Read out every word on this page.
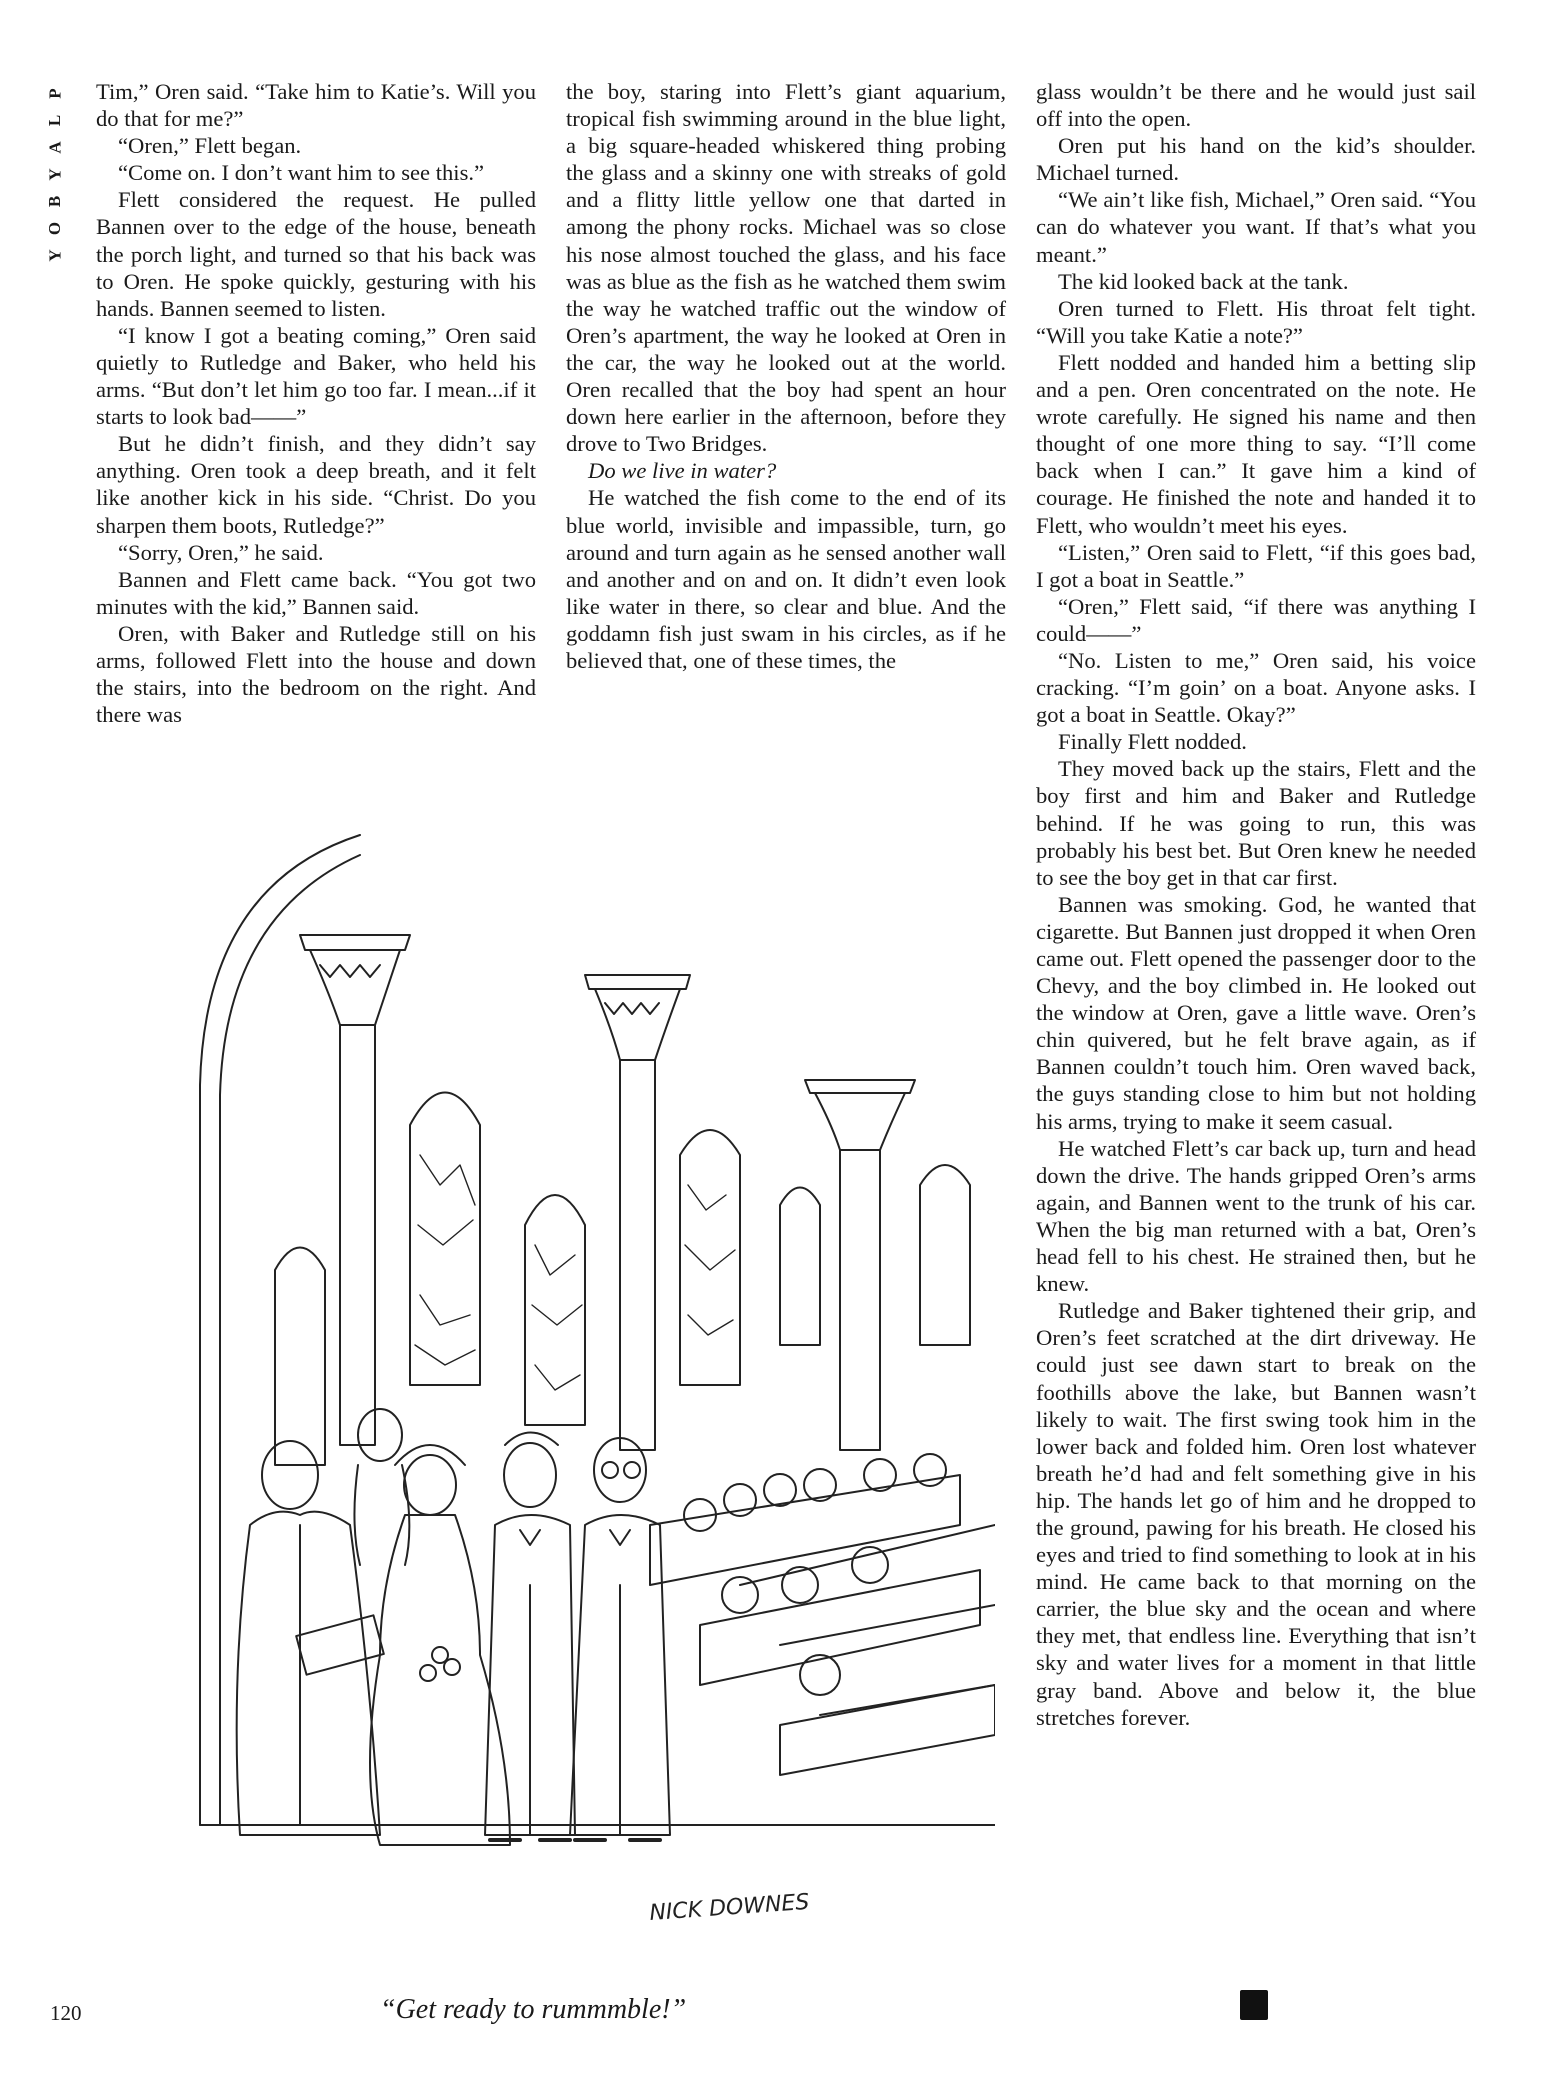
P
L
A
Y
B
O
Y

Tim,” Oren said. “Take him to Katie’s. Will you do that for me?”

“Oren,” Flett began.

“Come on. I don’t want him to see this.”

Flett considered the request. He pulled Bannen over to the edge of the house, beneath the porch light, and turned so that his back was to Oren. He spoke quickly, gesturing with his hands. Bannen seemed to listen.

“I know I got a beating coming,” Oren said quietly to Rutledge and Baker, who held his arms. “But don’t let him go too far. I mean...if it starts to look bad——”

But he didn’t finish, and they didn’t say anything. Oren took a deep breath, and it felt like another kick in his side. “Christ. Do you sharpen them boots, Rutledge?”

“Sorry, Oren,” he said.

Bannen and Flett came back. “You got two minutes with the kid,” Bannen said.

Oren, with Baker and Rutledge still on his arms, followed Flett into the house and down the stairs, into the bedroom on the right. And there was

the boy, staring into Flett’s giant aquarium, tropical fish swimming around in the blue light, a big square-headed whiskered thing probing the glass and a skinny one with streaks of gold and a flitty little yellow one that darted in among the phony rocks. Michael was so close his nose almost touched the glass, and his face was as blue as the fish as he watched them swim the way he watched traffic out the window of Oren’s apartment, the way he looked at Oren in the car, the way he looked out at the world. Oren recalled that the boy had spent an hour down here earlier in the afternoon, before they drove to Two Bridges.

Do we live in water?

He watched the fish come to the end of its blue world, invisible and impassible, turn, go around and turn again as he sensed another wall and another and on and on. It didn’t even look like water in there, so clear and blue. And the goddamn fish just swam in his circles, as if he believed that, one of these times, the

glass wouldn’t be there and he would just sail off into the open.

Oren put his hand on the kid’s shoulder. Michael turned.

“We ain’t like fish, Michael,” Oren said. “You can do whatever you want. If that’s what you meant.”

The kid looked back at the tank.

Oren turned to Flett. His throat felt tight. “Will you take Katie a note?”

Flett nodded and handed him a betting slip and a pen. Oren concentrated on the note. He wrote carefully. He signed his name and then thought of one more thing to say. “I’ll come back when I can.” It gave him a kind of courage. He finished the note and handed it to Flett, who wouldn’t meet his eyes.

“Listen,” Oren said to Flett, “if this goes bad, I got a boat in Seattle.”

“Oren,” Flett said, “if there was anything I could——”

“No. Listen to me,” Oren said, his voice cracking. “I’m goin’ on a boat. Anyone asks. I got a boat in Seattle. Okay?”

Finally Flett nodded.

They moved back up the stairs, Flett and the boy first and him and Baker and Rutledge behind. If he was going to run, this was probably his best bet. But Oren knew he needed to see the boy get in that car first.

Bannen was smoking. God, he wanted that cigarette. But Bannen just dropped it when Oren came out. Flett opened the passenger door to the Chevy, and the boy climbed in. He looked out the window at Oren, gave a little wave. Oren’s chin quivered, but he felt brave again, as if Bannen couldn’t touch him. Oren waved back, the guys standing close to him but not holding his arms, trying to make it seem casual.

He watched Flett’s car back up, turn and head down the drive. The hands gripped Oren’s arms again, and Bannen went to the trunk of his car. When the big man returned with a bat, Oren’s head fell to his chest. He strained then, but he knew.

Rutledge and Baker tightened their grip, and Oren’s feet scratched at the dirt driveway. He could just see dawn start to break on the foothills above the lake, but Bannen wasn’t likely to wait. The first swing took him in the lower back and folded him. Oren lost whatever breath he’d had and felt something give in his hip. The hands let go of him and he dropped to the ground, pawing for his breath. He closed his eyes and tried to find something to look at in his mind. He came back to that morning on the carrier, the blue sky and the ocean and where they met, that endless line. Everything that isn’t sky and water lives for a moment in that little gray band. Above and below it, the blue stretches forever.

NICK DOWNES
120	“Get ready to rummmble!”
